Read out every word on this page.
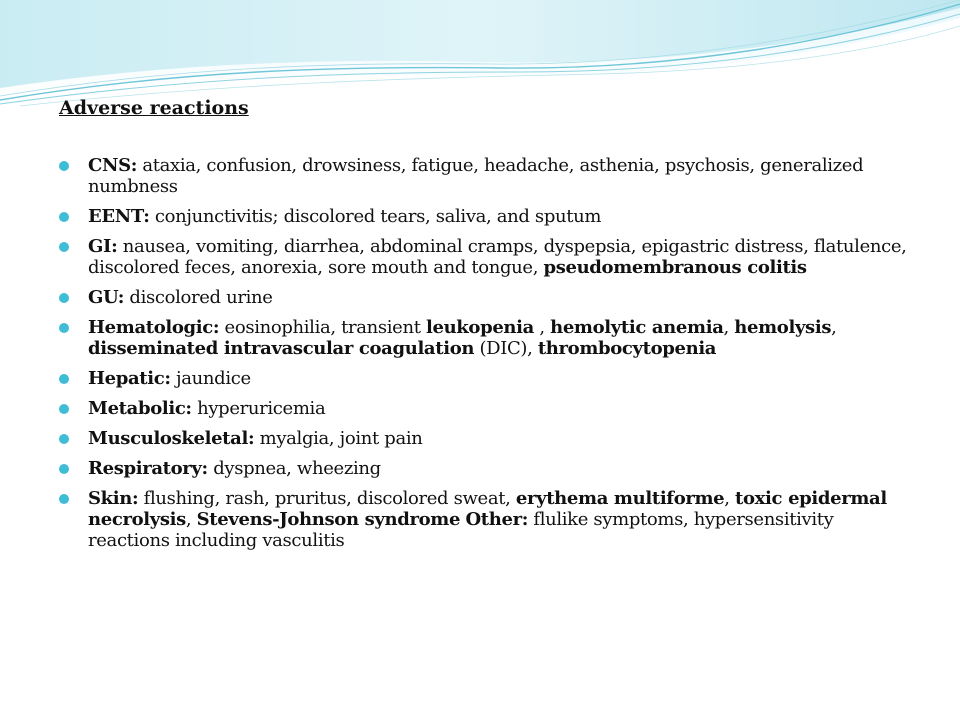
Adverse reactions
CNS: ataxia, confusion, drowsiness, fatigue, headache, asthenia, psychosis, generalized numbness
EENT: conjunctivitis; discolored tears, saliva, and sputum
GI: nausea, vomiting, diarrhea, abdominal cramps, dyspepsia, epigastric distress, flatulence, discolored feces, anorexia, sore mouth and tongue, pseudomembranous colitis
GU: discolored urine
Hematologic: eosinophilia, transient leukopenia , hemolytic anemia, hemolysis, disseminated intravascular coagulation (DIC), thrombocytopenia
Hepatic: jaundice
Metabolic: hyperuricemia
Musculoskeletal: myalgia, joint pain
Respiratory: dyspnea, wheezing
Skin: flushing, rash, pruritus, discolored sweat, erythema multiforme, toxic epidermal necrolysis, Stevens-Johnson syndrome Other: flulike symptoms, hypersensitivity reactions including vasculitis
